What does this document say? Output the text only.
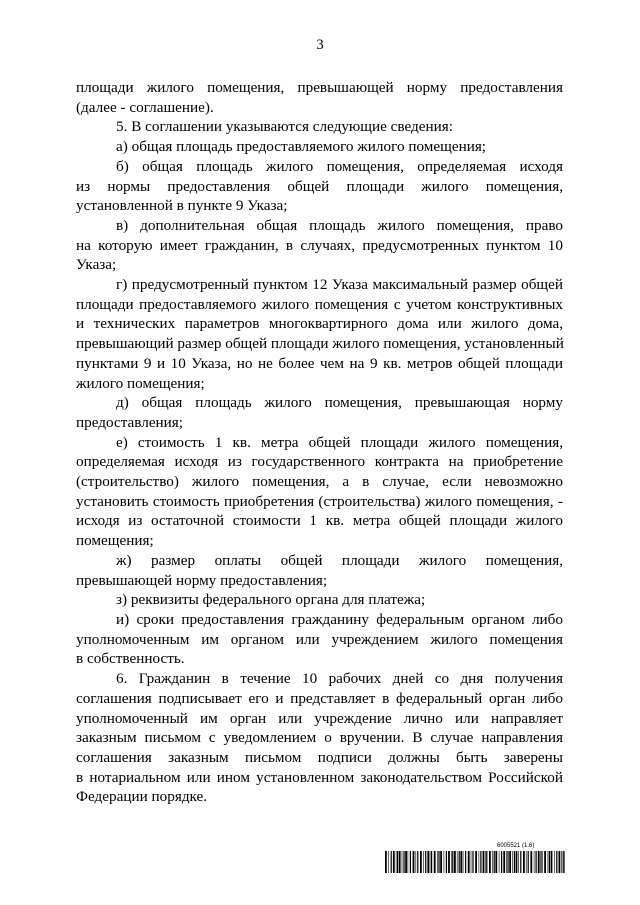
3
площади жилого помещения, превышающей норму предоставления
(далее - соглашение).
5. В соглашении указываются следующие сведения:
а) общая площадь предоставляемого жилого помещения;
б) общая площадь жилого помещения, определяемая исходя
из нормы предоставления общей площади жилого помещения,
установленной в пункте 9 Указа;
в) дополнительная общая площадь жилого помещения, право
на которую имеет гражданин, в случаях, предусмотренных пунктом 10
Указа;
г) предусмотренный пунктом 12 Указа максимальный размер общей
площади предоставляемого жилого помещения с учетом конструктивных
и технических параметров многоквартирного дома или жилого дома,
превышающий размер общей площади жилого помещения, установленный
пунктами 9 и 10 Указа, но не более чем на 9 кв. метров общей площади
жилого помещения;
д) общая площадь жилого помещения, превышающая норму
предоставления;
е) стоимость 1 кв. метра общей площади жилого помещения,
определяемая исходя из государственного контракта на приобретение
(строительство) жилого помещения, а в случае, если невозможно
установить стоимость приобретения (строительства) жилого помещения, -
исходя из остаточной стоимости 1 кв. метра общей площади жилого
помещения;
ж) размер оплаты общей площади жилого помещения,
превышающей норму предоставления;
з) реквизиты федерального органа для платежа;
и) сроки предоставления гражданину федеральным органом либо
уполномоченным им органом или учреждением жилого помещения
в собственность.
6. Гражданин в течение 10 рабочих дней со дня получения
соглашения подписывает его и представляет в федеральный орган либо
уполномоченный им орган или учреждение лично или направляет
заказным письмом с уведомлением о вручении. В случае направления
соглашения заказным письмом подписи должны быть заверены
в нотариальном или ином установленном законодательством Российской
Федерации порядке.
6005521 (1.6)
